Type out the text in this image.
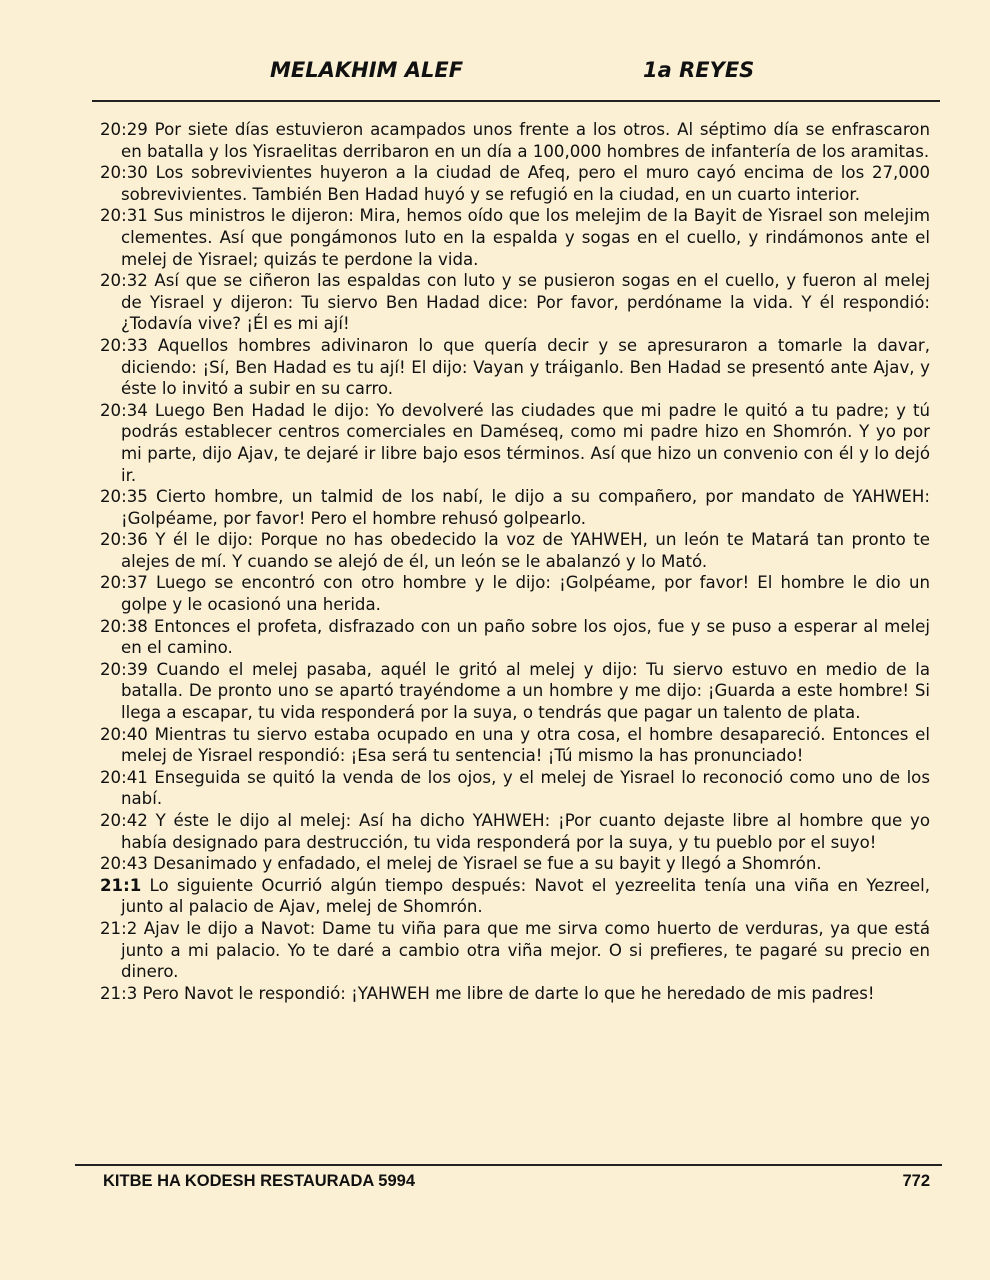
MELAKHIM ALEF	1a REYES

20:29 Por siete días estuvieron acampados unos frente a los otros. Al séptimo día se enfrascaron en batalla y los Yisraelitas derribaron en un día a 100,000 hombres de infantería de los aramitas.

20:30 Los sobrevivientes huyeron a la ciudad de Afeq, pero el muro cayó encima de los 27,000 sobrevivientes. También Ben Hadad huyó y se refugió en la ciudad, en un cuarto interior.

20:31 Sus ministros le dijeron: Mira, hemos oído que los melejim de la Bayit de Yisrael son melejim clementes. Así que pongámonos luto en la espalda y sogas en el cuello, y rindámonos ante el melej de Yisrael; quizás te perdone la vida.

20:32 Así que se ciñeron las espaldas con luto y se pusieron sogas en el cuello, y fueron al melej de Yisrael y dijeron: Tu siervo Ben Hadad dice: Por favor, perdóname la vida. Y él respondió: ¿Todavía vive? ¡Él es mi ají!

20:33 Aquellos hombres adivinaron lo que quería decir y se apresuraron a tomarle la davar, diciendo: ¡Sí, Ben Hadad es tu ají! El dijo: Vayan y tráiganlo. Ben Hadad se presentó ante Ajav, y éste lo invitó a subir en su carro.

20:34 Luego Ben Hadad le dijo: Yo devolveré las ciudades que mi padre le quitó a tu padre; y tú podrás establecer centros comerciales en Daméseq, como mi padre hizo en Shomrón. Y yo por mi parte, dijo Ajav, te dejaré ir libre bajo esos términos. Así que hizo un convenio con él y lo dejó ir.

20:35 Cierto hombre, un talmid de los nabí, le dijo a su compañero, por mandato de YAHWEH: ¡Golpéame, por favor! Pero el hombre rehusó golpearlo.

20:36 Y él le dijo: Porque no has obedecido la voz de YAHWEH, un león te Matará tan pronto te alejes de mí. Y cuando se alejó de él, un león se le abalanzó y lo Mató.

20:37 Luego se encontró con otro hombre y le dijo: ¡Golpéame, por favor! El hombre le dio un golpe y le ocasionó una herida.

20:38 Entonces el profeta, disfrazado con un paño sobre los ojos, fue y se puso a esperar al melej en el camino.

20:39 Cuando el melej pasaba, aquél le gritó al melej y dijo: Tu siervo estuvo en medio de la batalla. De pronto uno se apartó trayéndome a un hombre y me dijo: ¡Guarda a este hombre! Si llega a escapar, tu vida responderá por la suya, o tendrás que pagar un talento de plata.

20:40 Mientras tu siervo estaba ocupado en una y otra cosa, el hombre desapareció. Entonces el melej de Yisrael respondió: ¡Esa será tu sentencia! ¡Tú mismo la has pronunciado!

20:41 Enseguida se quitó la venda de los ojos, y el melej de Yisrael lo reconoció como uno de los nabí.

20:42 Y éste le dijo al melej: Así ha dicho YAHWEH: ¡Por cuanto dejaste libre al hombre que yo había designado para destrucción, tu vida responderá por la suya, y tu pueblo por el suyo!

20:43 Desanimado y enfadado, el melej de Yisrael se fue a su bayit y llegó a Shomrón.

21:1 Lo siguiente Ocurrió algún tiempo después: Navot el yezreelita tenía una viña en Yezreel, junto al palacio de Ajav, melej de Shomrón.

21:2 Ajav le dijo a Navot: Dame tu viña para que me sirva como huerto de verduras, ya que está junto a mi palacio. Yo te daré a cambio otra viña mejor. O si prefieres, te pagaré su precio en dinero.

21:3 Pero Navot le respondió: ¡YAHWEH me libre de darte lo que he heredado de mis padres!

KITBE HA KODESH RESTAURADA 5994	772
